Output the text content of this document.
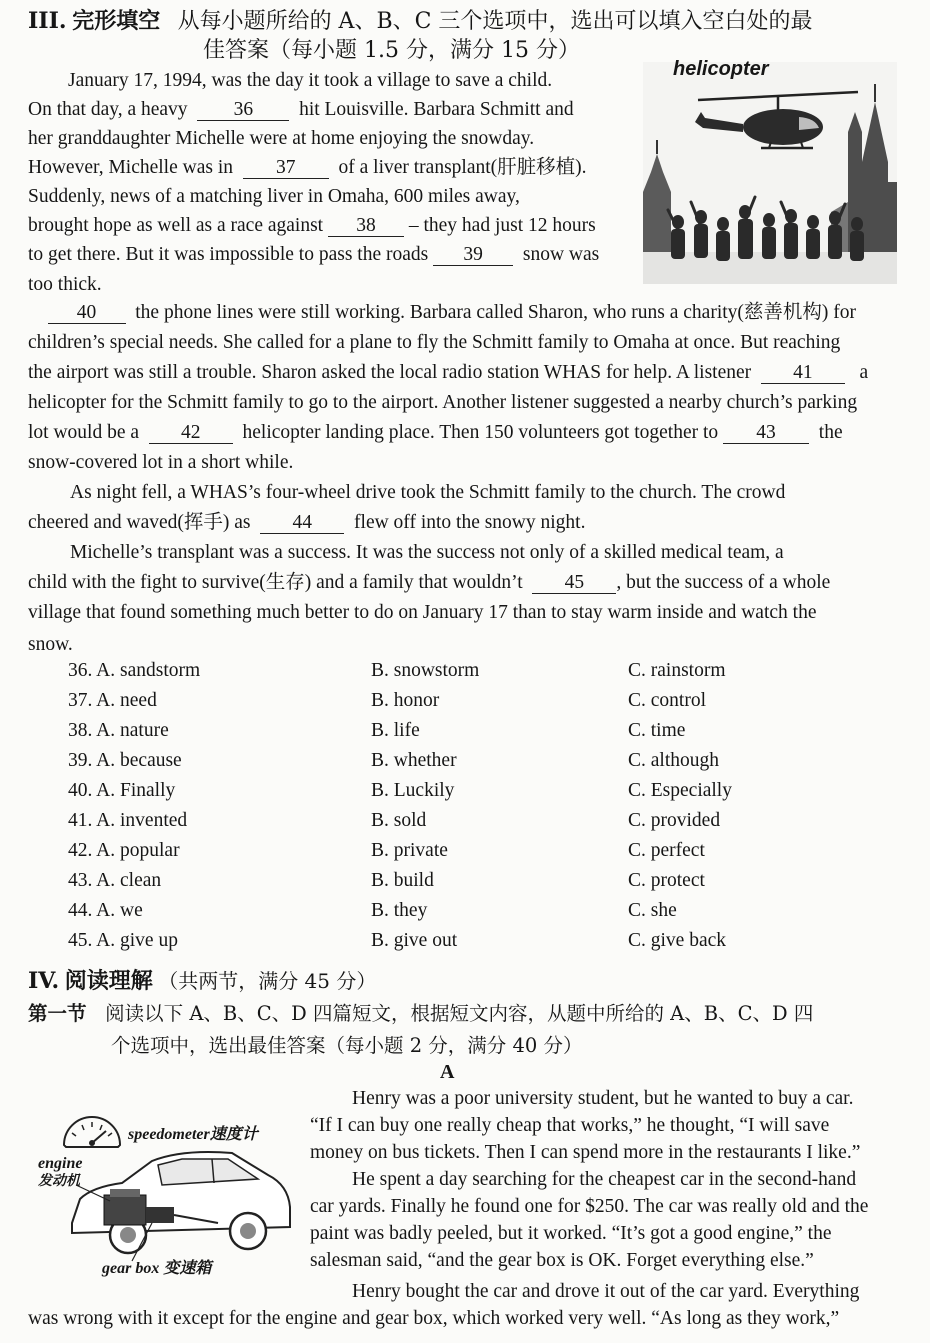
III. 完形填空 从每小题所给的 A、B、C 三个选项中，选出可以填入空白处的最
佳答案（每小题 1.5 分，满分 15 分）
January 17, 1994, was the day it took a village to save a child.
On that day, a heavy 36 hit Louisville. Barbara Schmitt and
her granddaughter Michelle were at home enjoying the snowday.
However, Michelle was in 37 of a liver transplant(肝脏移植).
Suddenly, news of a matching liver in Omaha, 600 miles away,
brought hope as well as a race against 38 – they had just 12 hours
to get there. But it was impossible to pass the roads 39 snow was
too thick.
helicopter
40 the phone lines were still working. Barbara called Sharon, who runs a charity(慈善机构) for
children’s special needs. She called for a plane to fly the Schmitt family to Omaha at once. But reaching
the airport was still a trouble. Sharon asked the local radio station WHAS for help. A listener 41 a
helicopter for the Schmitt family to go to the airport. Another listener suggested a nearby church’s parking
lot would be a 42 helicopter landing place. Then 150 volunteers got together to 43 the
snow-covered lot in a short while.
As night fell, a WHAS’s four-wheel drive took the Schmitt family to the church. The crowd
cheered and waved(挥手) as 44 flew off into the snowy night.
Michelle’s transplant was a success. It was the success not only of a skilled medical team, a
child with the fight to survive(生存) and a family that wouldn’t 45 , but the success of a whole
village that found something much better to do on January 17 than to stay warm inside and watch the
snow.
36. A. sandstorm	B. snowstorm	C. rainstorm
37. A. need	B. honor	C. control
38. A. nature	B. life	C. time
39. A. because	B. whether	C. although
40. A. Finally	B. Luckily	C. Especially
41. A. invented	B. sold	C. provided
42. A. popular	B. private	C. perfect
43. A. clean	B. build	C. protect
44. A. we	B. they	C. she
45. A. give up	B. give out	C. give back
IV. 阅读理解 （共两节，满分 45 分）
第一节 阅读以下 A、B、C、D 四篇短文，根据短文内容，从题中所给的 A、B、C、D 四
个选项中，选出最佳答案（每小题 2 分，满分 40 分）
A
speedometer速度计
engine
发动机
gear box 变速箱
Henry was a poor university student, but he wanted to buy a car.
“If I can buy one really cheap that works,” he thought, “I will save
money on bus tickets. Then I can spend more in the restaurants I like.”
He spent a day searching for the cheapest car in the second-hand
car yards. Finally he found one for $250. The car was really old and the
paint was badly peeled, but it worked. “It’s got a good engine,” the
salesman said, “and the gear box is OK. Forget everything else.”
Henry bought the car and drove it out of the car yard. Everything
was wrong with it except for the engine and gear box, which worked very well. “As long as they work,”
